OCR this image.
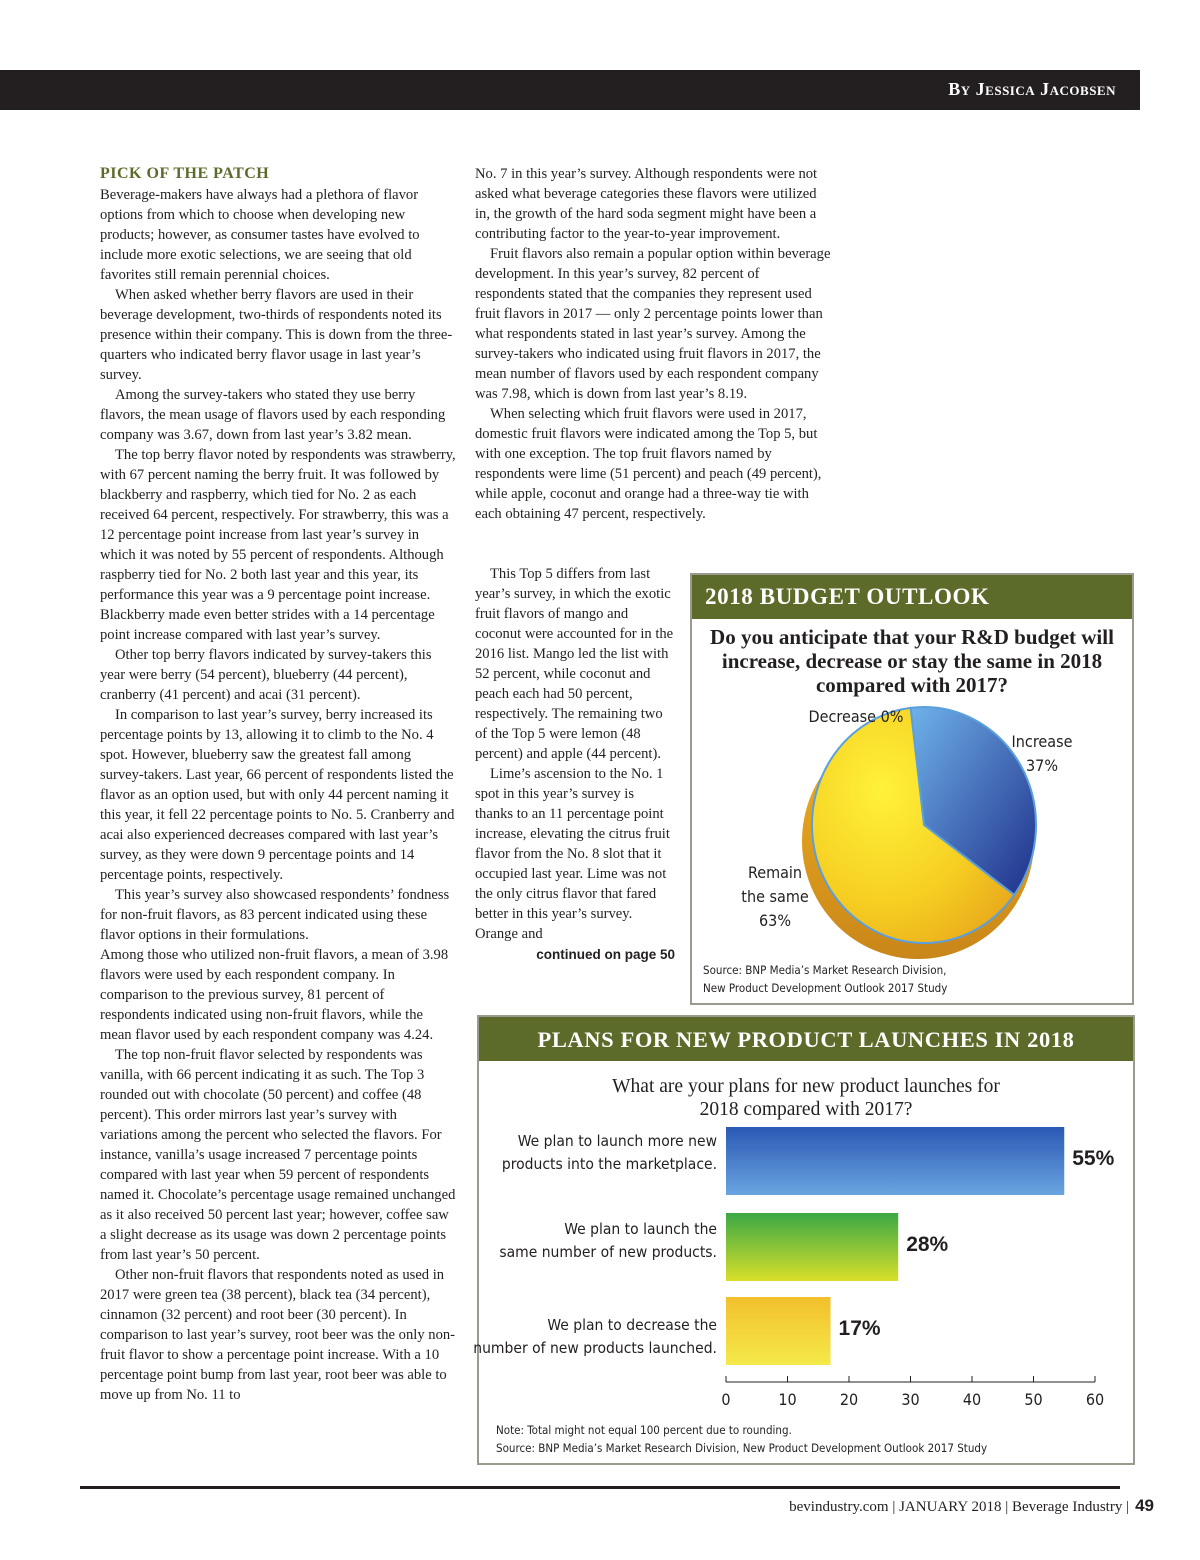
By Jessica Jacobsen
PICK OF THE PATCH

Beverage-makers have always had a plethora of flavor options from which to choose when developing new products; however, as consumer tastes have evolved to include more exotic selections, we are seeing that old favorites still remain perennial choices.

When asked whether berry flavors are used in their beverage development, two-thirds of respondents noted its presence within their company. This is down from the three-quarters who indicated berry flavor usage in last year’s survey.

Among the survey-takers who stated they use berry flavors, the mean usage of flavors used by each responding company was 3.67, down from last year’s 3.82 mean.

The top berry flavor noted by respondents was strawberry, with 67 percent naming the berry fruit. It was followed by blackberry and raspberry, which tied for No. 2 as each received 64 percent, respectively. For strawberry, this was a 12 percentage point increase from last year’s survey in which it was noted by 55 percent of respondents. Although raspberry tied for No. 2 both last year and this year, its performance this year was a 9 percentage point increase. Blackberry made even better strides with a 14 percentage point increase compared with last year’s survey.

Other top berry flavors indicated by survey-takers this year were berry (54 percent), blueberry (44 percent), cranberry (41 percent) and acai (31 percent).

In comparison to last year’s survey, berry increased its percentage points by 13, allowing it to climb to the No. 4 spot. However, blueberry saw the greatest fall among survey-takers. Last year, 66 percent of respondents listed the flavor as an option used, but with only 44 percent naming it this year, it fell 22 percentage points to No. 5. Cranberry and acai also experienced decreases compared with last year’s survey, as they were down 9 percentage points and 14 percentage points, respectively.

This year’s survey also showcased respondents’ fondness for non-fruit flavors, as 83 percent indicated using these flavor options in their formulations.

Among those who utilized non-fruit flavors, a mean of 3.98 flavors were used by each respondent company. In comparison to the previous survey, 81 percent of respondents indicated using non-fruit flavors, while the mean flavor used by each respondent company was 4.24.

The top non-fruit flavor selected by respondents was vanilla, with 66 percent indicating it as such. The Top 3 rounded out with chocolate (50 percent) and coffee (48 percent). This order mirrors last year’s survey with variations among the percent who selected the flavors. For instance, vanilla’s usage increased 7 percentage points compared with last year when 59 percent of respondents named it. Chocolate’s percentage usage remained unchanged as it also received 50 percent last year; however, coffee saw a slight decrease as its usage was down 2 percentage points from last year’s 50 percent.

Other non-fruit flavors that respondents noted as used in 2017 were green tea (38 percent), black tea (34 percent), cinnamon (32 percent) and root beer (30 percent). In comparison to last year’s survey, root beer was the only non-fruit flavor to show a percentage point increase. With a 10 percentage point bump from last year, root beer was able to move up from No. 11 to

No. 7 in this year’s survey. Although respondents were not asked what beverage categories these flavors were utilized in, the growth of the hard soda segment might have been a contributing factor to the year-to-year improvement.

Fruit flavors also remain a popular option within beverage development. In this year’s survey, 82 percent of respondents stated that the companies they represent used fruit flavors in 2017 — only 2 percentage points lower than what respondents stated in last year’s survey. Among the survey-takers who indicated using fruit flavors in 2017, the mean number of flavors used by each respondent company was 7.98, which is down from last year’s 8.19.

When selecting which fruit flavors were used in 2017, domestic fruit flavors were indicated among the Top 5, but with one exception. The top fruit flavors named by respondents were lime (51 percent) and peach (49 percent), while apple, coconut and orange had a three-way tie with each obtaining 47 percent, respectively.

This Top 5 differs from last year’s survey, in which the exotic fruit flavors of mango and coconut were accounted for in the 2016 list. Mango led the list with 52 percent, while coconut and peach each had 50 percent, respectively. The remaining two of the Top 5 were lemon (48 percent) and apple (44 percent).

Lime’s ascension to the No. 1 spot in this year’s survey is thanks to an 11 percentage point increase, elevating the citrus fruit flavor from the No. 8 slot that it occupied last year. Lime was not the only citrus flavor that fared better in this year’s survey. Orange and

continued on page 50
2018 BUDGET OUTLOOK
Do you anticipate that your R&D budget will increase, decrease or stay the same in 2018 compared with 2017?
Decrease 0%
Increase
37%
Remain the same
63%
Source: BNP Media’s Market Research Division,
New Product Development Outlook 2017 Study
PLANS FOR NEW PRODUCT LAUNCHES IN 2018
What are your plans for new product launches for 2018 compared with 2017?
We plan to launch more new
products into the marketplace.
We plan to launch the
same number of new products.
We plan to decrease the
number of new products launched.
55%
28%
17%
0	10	20	30	40	50	60
Note: Total might not equal 100 percent due to rounding.
Source: BNP Media’s Market Research Division, New Product Development Outlook 2017 Study
bevindustry.com | JANUARY 2018 | Beverage Industry | 49
